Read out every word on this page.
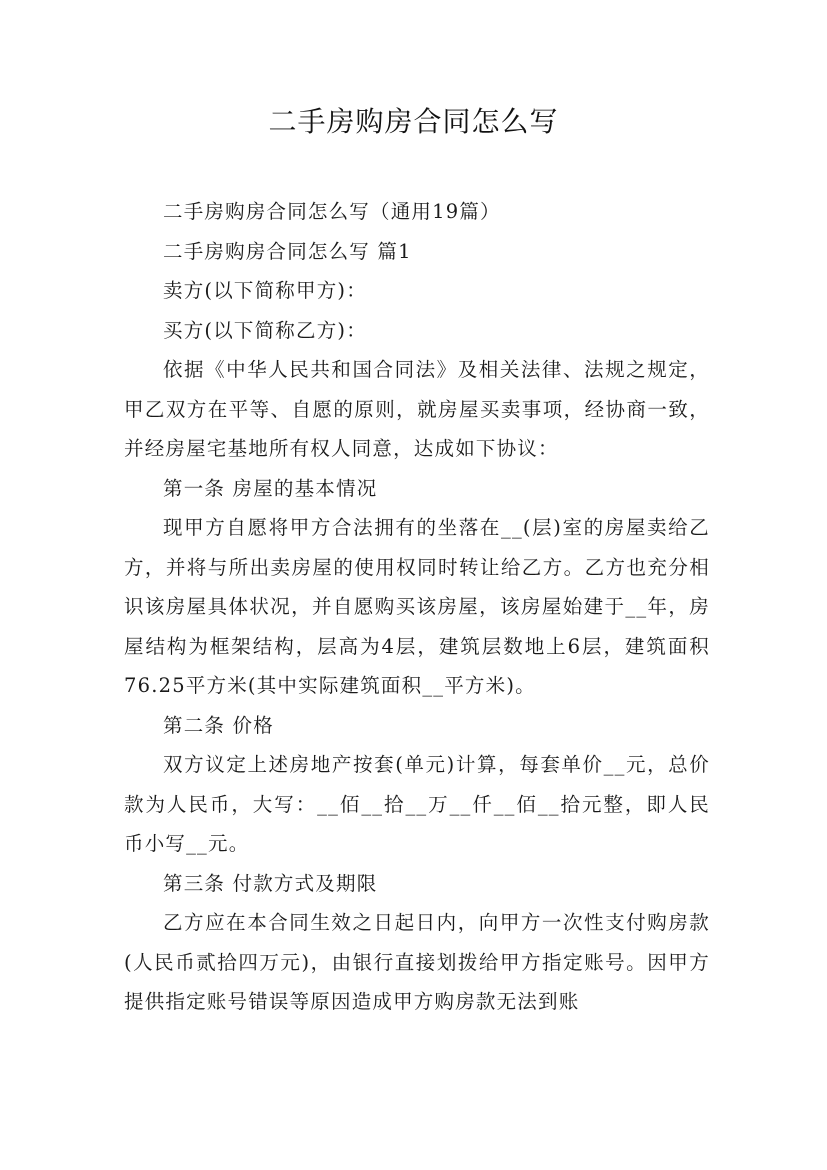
二手房购房合同怎么写

二手房购房合同怎么写（通用19篇）

二手房购房合同怎么写 篇1

卖方(以下简称甲方)：

买方(以下简称乙方)：

依据《中华人民共和国合同法》及相关法律、法规之规定，甲乙双方在平等、自愿的原则，就房屋买卖事项，经协商一致，并经房屋宅基地所有权人同意，达成如下协议：

第一条 房屋的基本情况

现甲方自愿将甲方合法拥有的坐落在__(层)室的房屋卖给乙方，并将与所出卖房屋的使用权同时转让给乙方。乙方也充分相识该房屋具体状况，并自愿购买该房屋，该房屋始建于__年，房屋结构为框架结构，层高为4层，建筑层数地上6层，建筑面积76.25平方米(其中实际建筑面积__平方米)。

第二条 价格

双方议定上述房地产按套(单元)计算，每套单价__元，总价款为人民币，大写：__佰__拾__万__仟__佰__拾元整，即人民币小写__元。

第三条 付款方式及期限

乙方应在本合同生效之日起日内，向甲方一次性支付购房款(人民币贰拾四万元)，由银行直接划拨给甲方指定账号。因甲方提供指定账号错误等原因造成甲方购房款无法到账
